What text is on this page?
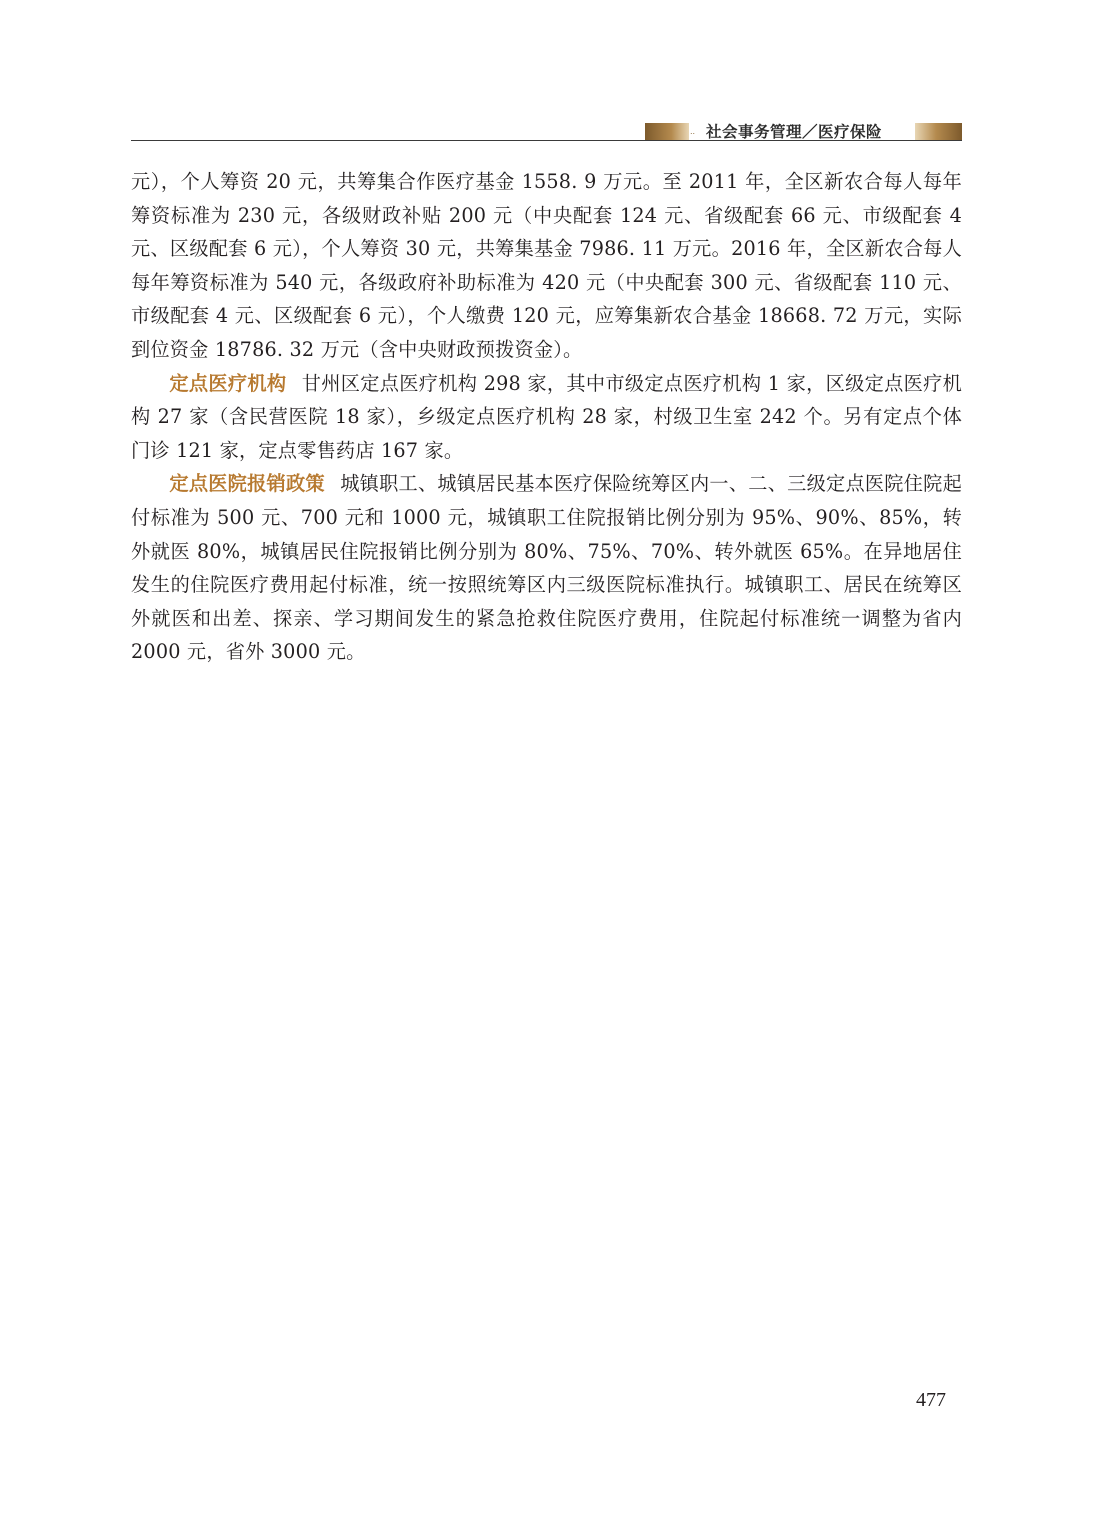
.. 社会事务管理／医疗保险

元），个人筹资 20 元，共筹集合作医疗基金 1558. 9 万元。至 2011 年，全区新农合每人每年筹资标准为 230 元，各级财政补贴 200 元（中央配套 124 元、省级配套 66 元、市级配套 4 元、区级配套 6 元），个人筹资 30 元，共筹集基金 7986. 11 万元。2016 年，全区新农合每人每年筹资标准为 540 元，各级政府补助标准为 420 元（中央配套 300 元、省级配套 110 元、市级配套 4 元、区级配套 6 元），个人缴费 120 元，应筹集新农合基金 18668. 72 万元，实际到位资金 18786. 32 万元（含中央财政预拨资金）。

定点医疗机构 甘州区定点医疗机构 298 家，其中市级定点医疗机构 1 家，区级定点医疗机构 27 家（含民营医院 18 家），乡级定点医疗机构 28 家，村级卫生室 242 个。另有定点个体门诊 121 家，定点零售药店 167 家。

定点医院报销政策 城镇职工、城镇居民基本医疗保险统筹区内一、二、三级定点医院住院起付标准为 500 元、700 元和 1000 元，城镇职工住院报销比例分别为 95%、90%、85%，转外就医 80%，城镇居民住院报销比例分别为 80%、75%、70%、转外就医 65%。在异地居住发生的住院医疗费用起付标准，统一按照统筹区内三级医院标准执行。城镇职工、居民在统筹区外就医和出差、探亲、学习期间发生的紧急抢救住院医疗费用，住院起付标准统一调整为省内 2000 元，省外 3000 元。

477
